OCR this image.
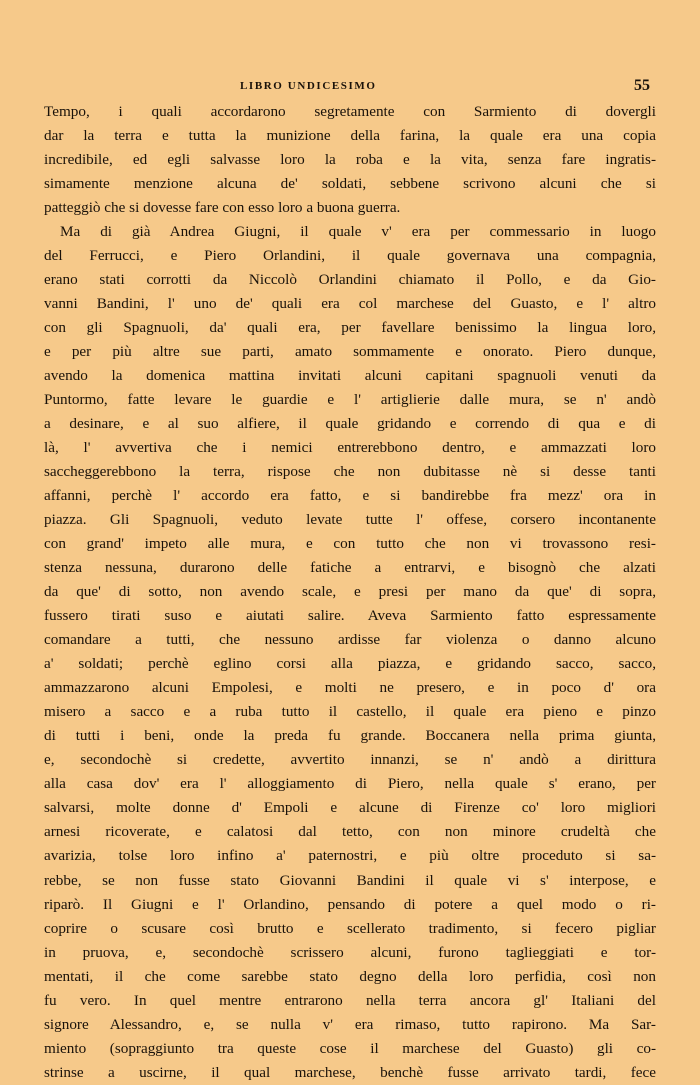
LIBRO UNDICESIMO	55
Tempo, i quali accordarono segretamente con Sarmiento di dovergli
dar la terra e tutta la munizione della farina, la quale era una copia
incredibile, ed egli salvasse loro la roba e la vita, senza fare ingratis-
simamente menzione alcuna de' soldati, sebbene scrivono alcuni che si
patteggiò che si dovesse fare con esso loro a buona guerra.
Ma di già Andrea Giugni, il quale v' era per commessario in luogo
del Ferrucci, e Piero Orlandini, il quale governava una compagnia,
erano stati corrotti da Niccolò Orlandini chiamato il Pollo, e da Gio-
vanni Bandini, l' uno de' quali era col marchese del Guasto, e l' altro
con gli Spagnuoli, da' quali era, per favellare benissimo la lingua loro,
e per più altre sue parti, amato sommamente e onorato. Piero dunque,
avendo la domenica mattina invitati alcuni capitani spagnuoli venuti da
Puntormo, fatte levare le guardie e l' artiglierie dalle mura, se n' andò
a desinare, e al suo alfiere, il quale gridando e correndo di qua e di
là, l' avvertiva che i nemici entrerebbono dentro, e ammazzati loro
saccheggerebbono la terra, rispose che non dubitasse nè si desse tanti
affanni, perchè l' accordo era fatto, e si bandirebbe fra mezz' ora in
piazza. Gli Spagnuoli, veduto levate tutte l' offese, corsero incontanente
con grand' impeto alle mura, e con tutto che non vi trovassono resi-
stenza nessuna, durarono delle fatiche a entrarvi, e bisognò che alzati
da que' di sotto, non avendo scale, e presi per mano da que' di sopra,
fussero tirati suso e aiutati salire. Aveva Sarmiento fatto espressamente
comandare a tutti, che nessuno ardisse far violenza o danno alcuno
a' soldati; perchè eglino corsi alla piazza, e gridando sacco, sacco,
ammazzarono alcuni Empolesi, e molti ne presero, e in poco d' ora
misero a sacco e a ruba tutto il castello, il quale era pieno e pinzo
di tutti i beni, onde la preda fu grande. Boccanera nella prima giunta,
e, secondochè si credette, avvertito innanzi, se n' andò a dirittura
alla casa dov' era l' alloggiamento di Piero, nella quale s' erano, per
salvarsi, molte donne d' Empoli e alcune di Firenze co' loro migliori
arnesi ricoverate, e calatosi dal tetto, con non minore crudeltà che
avarizia, tolse loro infino a' paternostri, e più oltre proceduto si sa-
rebbe, se non fusse stato Giovanni Bandini il quale vi s' interpose, e
riparò. Il Giugni e l' Orlandino, pensando di potere a quel modo o ri-
coprire o scusare così brutto e scellerato tradimento, si fecero pigliar
in pruova, e, secondochè scrissero alcuni, furono taglieggiati e tor-
mentati, il che come sarebbe stato degno della loro perfidia, così non
fu vero. In quel mentre entrarono nella terra ancora gl' Italiani del
signore Alessandro, e, se nulla v' era rimaso, tutto rapirono. Ma Sar-
miento (sopraggiunto tra queste cose il marchese del Guasto) gli co-
strinse a uscirne, il qual marchese, benchè fusse arrivato tardi, fece
